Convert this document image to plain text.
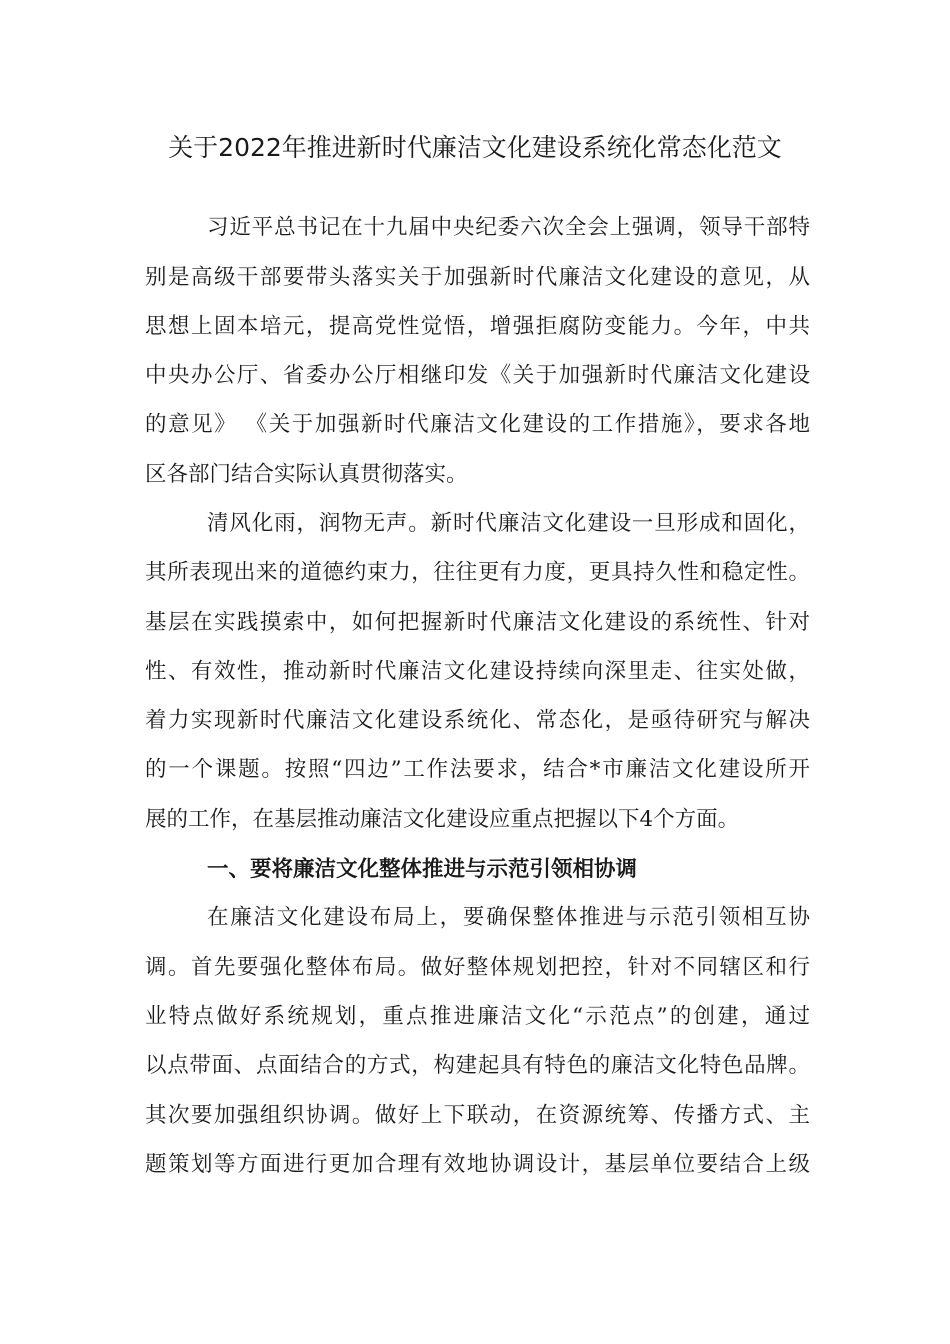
关于2022年推进新时代廉洁文化建设系统化常态化范文
习近平总书记在十九届中央纪委六次全会上强调，领导干部特
别是高级干部要带头落实关于加强新时代廉洁文化建设的意见，从
思想上固本培元，提高党性觉悟，增强拒腐防变能力。今年，中共
中央办公厅、省委办公厅相继印发《关于加强新时代廉洁文化建设
的意见》 《关于加强新时代廉洁文化建设的工作措施》，要求各地
区各部门结合实际认真贯彻落实。
清风化雨，润物无声。新时代廉洁文化建设一旦形成和固化，
其所表现出来的道德约束力，往往更有力度，更具持久性和稳定性。
基层在实践摸索中，如何把握新时代廉洁文化建设的系统性、针对
性、有效性，推动新时代廉洁文化建设持续向深里走、往实处做，
着力实现新时代廉洁文化建设系统化、常态化，是亟待研究与解决
的一个课题。按照“四边”工作法要求，结合*市廉洁文化建设所开
展的工作，在基层推动廉洁文化建设应重点把握以下4个方面。
一、要将廉洁文化整体推进与示范引领相协调
在廉洁文化建设布局上，要确保整体推进与示范引领相互协
调。首先要强化整体布局。做好整体规划把控，针对不同辖区和行
业特点做好系统规划，重点推进廉洁文化“示范点”的创建，通过
以点带面、点面结合的方式，构建起具有特色的廉洁文化特色品牌。
其次要加强组织协调。做好上下联动，在资源统筹、传播方式、主
题策划等方面进行更加合理有效地协调设计，基层单位要结合上级
